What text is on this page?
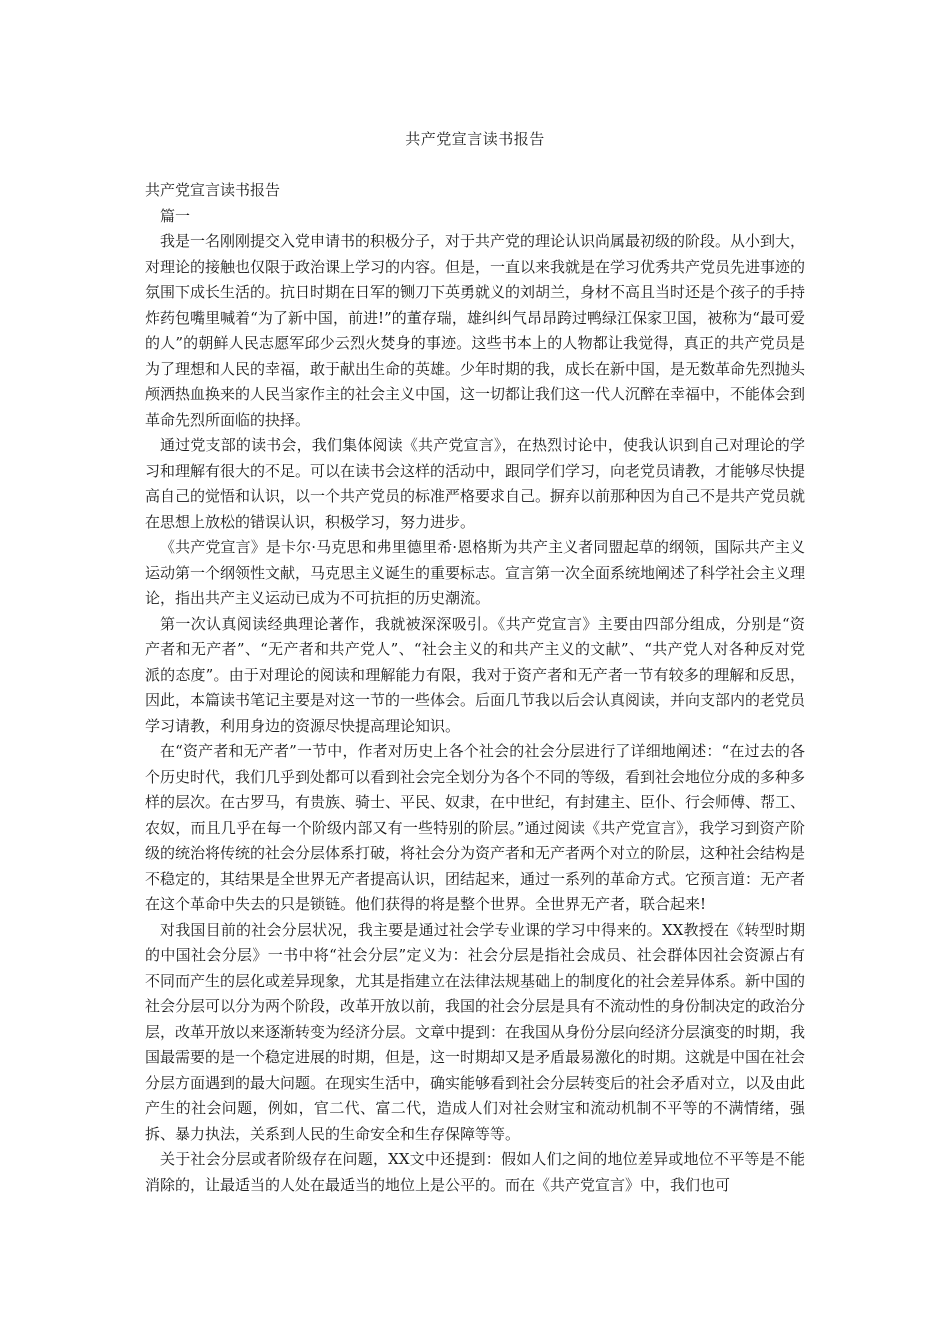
共产党宣言读书报告

共产党宣言读书报告

篇一

我是一名刚刚提交入党申请书的积极分子，对于共产党的理论认识尚属最初级的阶段。从小到大，对理论的接触也仅限于政治课上学习的内容。但是，一直以来我就是在学习优秀共产党员先进事迹的氛围下成长生活的。抗日时期在日军的铡刀下英勇就义的刘胡兰，身材不高且当时还是个孩子的手持炸药包嘴里喊着“为了新中国，前进!”的董存瑞，雄纠纠气昂昂跨过鸭绿江保家卫国，被称为“最可爱的人”的朝鲜人民志愿军邱少云烈火焚身的事迹。这些书本上的人物都让我觉得，真正的共产党员是为了理想和人民的幸福，敢于献出生命的英雄。少年时期的我，成长在新中国，是无数革命先烈抛头颅洒热血换来的人民当家作主的社会主义中国，这一切都让我们这一代人沉醉在幸福中，不能体会到革命先烈所面临的抉择。

通过党支部的读书会，我们集体阅读《共产党宣言》，在热烈讨论中，使我认识到自己对理论的学习和理解有很大的不足。可以在读书会这样的活动中，跟同学们学习，向老党员请教，才能够尽快提高自己的觉悟和认识，以一个共产党员的标准严格要求自己。摒弃以前那种因为自己不是共产党员就在思想上放松的错误认识，积极学习，努力进步。

《共产党宣言》是卡尔·马克思和弗里德里希·恩格斯为共产主义者同盟起草的纲领，国际共产主义运动第一个纲领性文献，马克思主义诞生的重要标志。宣言第一次全面系统地阐述了科学社会主义理论，指出共产主义运动已成为不可抗拒的历史潮流。

第一次认真阅读经典理论著作，我就被深深吸引。《共产党宣言》主要由四部分组成，分别是“资产者和无产者”、“无产者和共产党人”、“社会主义的和共产主义的文献”、“共产党人对各种反对党派的态度”。由于对理论的阅读和理解能力有限，我对于资产者和无产者一节有较多的理解和反思，因此，本篇读书笔记主要是对这一节的一些体会。后面几节我以后会认真阅读，并向支部内的老党员学习请教，利用身边的资源尽快提高理论知识。

在“资产者和无产者”一节中，作者对历史上各个社会的社会分层进行了详细地阐述：“在过去的各个历史时代，我们几乎到处都可以看到社会完全划分为各个不同的等级，看到社会地位分成的多种多样的层次。在古罗马，有贵族、骑士、平民、奴隶，在中世纪，有封建主、臣仆、行会师傅、帮工、农奴，而且几乎在每一个阶级内部又有一些特别的阶层。”通过阅读《共产党宣言》，我学习到资产阶级的统治将传统的社会分层体系打破，将社会分为资产者和无产者两个对立的阶层，这种社会结构是不稳定的，其结果是全世界无产者提高认识，团结起来，通过一系列的革命方式。它预言道：无产者在这个革命中失去的只是锁链。他们获得的将是整个世界。全世界无产者，联合起来!

对我国目前的社会分层状况，我主要是通过社会学专业课的学习中得来的。XX教授在《转型时期的中国社会分层》一书中将“社会分层”定义为：社会分层是指社会成员、社会群体因社会资源占有不同而产生的层化或差异现象，尤其是指建立在法律法规基础上的制度化的社会差异体系。新中国的社会分层可以分为两个阶段，改革开放以前，我国的社会分层是具有不流动性的身份制决定的政治分层，改革开放以来逐渐转变为经济分层。文章中提到：在我国从身份分层向经济分层演变的时期，我国最需要的是一个稳定进展的时期，但是，这一时期却又是矛盾最易激化的时期。这就是中国在社会分层方面遇到的最大问题。在现实生活中，确实能够看到社会分层转变后的社会矛盾对立，以及由此产生的社会问题，例如，官二代、富二代，造成人们对社会财宝和流动机制不平等的不满情绪，强拆、暴力执法，关系到人民的生命安全和生存保障等等。

关于社会分层或者阶级存在问题，XX文中还提到：假如人们之间的地位差异或地位不平等是不能消除的，让最适当的人处在最适当的地位上是公平的。而在《共产党宣言》中，我们也可
